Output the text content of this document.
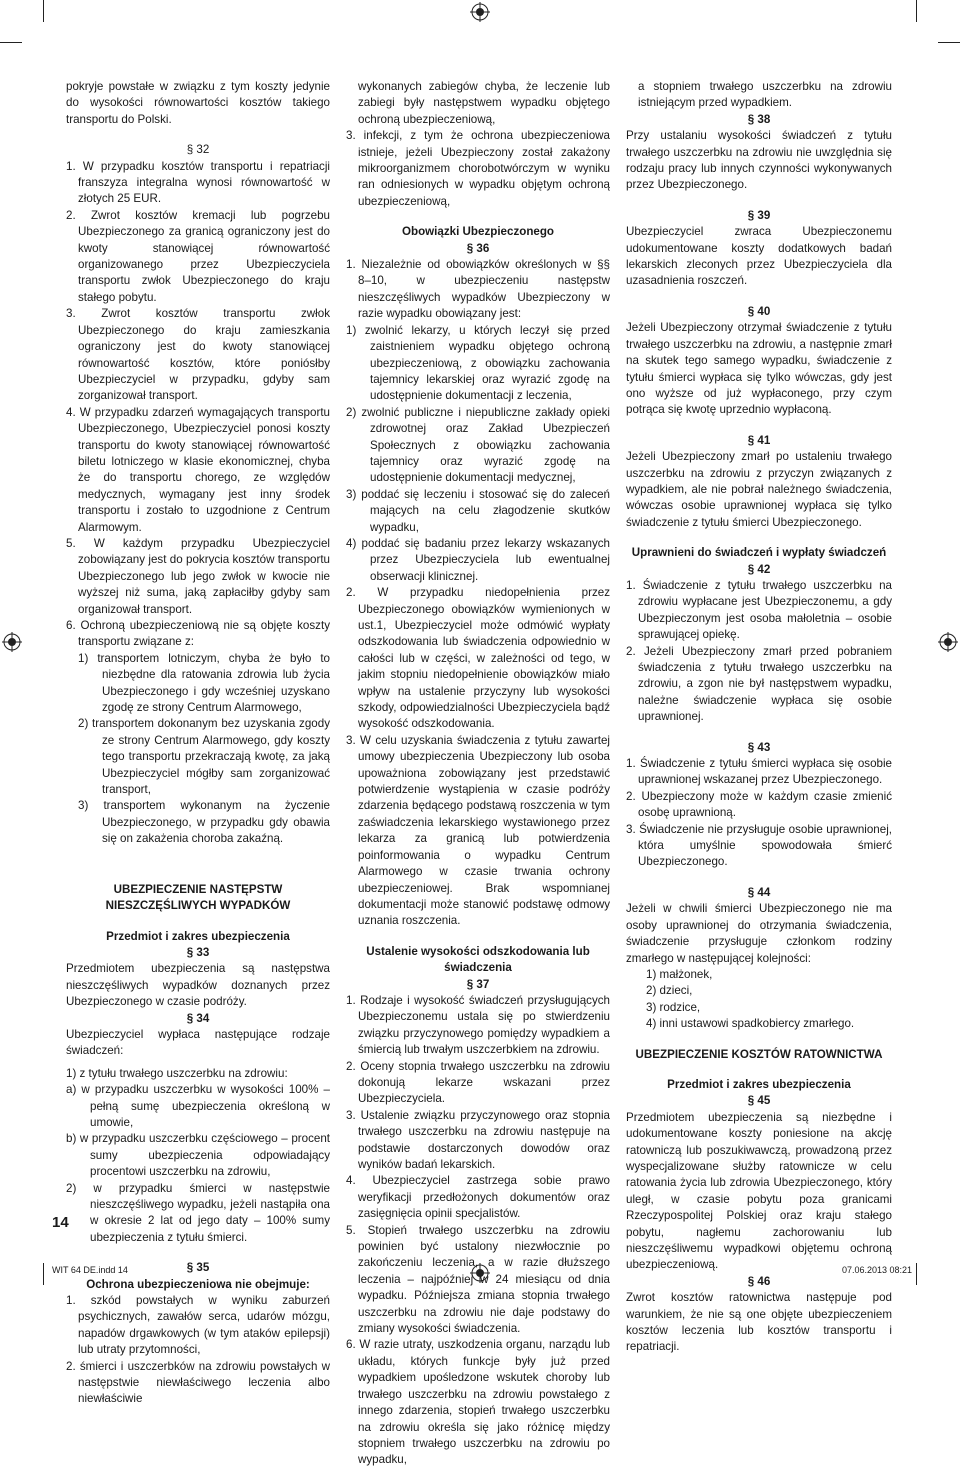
pokryje powstałe w związku z tym koszty jedynie do wysokości równowartości kosztów takiego transportu do Polski.

§ 32

1. W przypadku kosztów transportu i repatriacji franszyza integralna wynosi równowartość w złotych 25 EUR.

2. Zwrot kosztów kremacji lub pogrzebu Ubezpieczonego za granicą ograniczony jest do kwoty stanowiącej równowartość organizowanego przez Ubezpieczyciela transportu zwłok Ubezpieczonego do kraju stałego pobytu.

3. Zwrot kosztów transportu zwłok Ubezpieczonego do kraju zamieszkania ograniczony jest do kwoty stanowiącej równowartość kosztów, które poniósłby Ubezpieczyciel w przypadku, gdyby sam zorganizował transport.

4. W przypadku zdarzeń wymagających transportu Ubezpieczonego, Ubezpieczyciel ponosi koszty transportu do kwoty stanowiącej równowartość biletu lotniczego w klasie ekonomicznej, chyba że do transportu chorego, ze względów medycznych, wymagany jest inny środek transportu i zostało to uzgodnione z Centrum Alarmowym.

5. W każdym przypadku Ubezpieczyciel zobowiązany jest do pokrycia kosztów transportu Ubezpieczonego lub jego zwłok w kwocie nie wyższej niż suma, jaką zapłaciłby gdyby sam organizował transport.

6. Ochroną ubezpieczeniową nie są objęte koszty transportu związane z:

1) transportem lotniczym, chyba że było to niezbędne dla ratowania zdrowia lub życia Ubezpieczonego i gdy wcześniej uzyskano zgodę ze strony Centrum Alarmowego,

2) transportem dokonanym bez uzyskania zgody ze strony Centrum Alarmowego, gdy koszty tego transportu przekraczają kwotę, za jaką Ubezpieczyciel mógłby sam zorganizować transport,

3) transportem wykonanym na życzenie Ubezpieczonego, w przypadku gdy obawia się on zakażenia choroba zakaźną.

UBEZPIECZENIE NASTĘPSTW

NIESZCZĘŚLIWYCH WYPADKÓW

Przedmiot i zakres ubezpieczenia

§ 33

Przedmiotem ubezpieczenia są następstwa nieszczęśliwych wypadków doznanych przez Ubezpieczonego w czasie podróży.

§ 34

Ubezpieczyciel wypłaca następujące rodzaje świadczeń:

1) z tytułu trwałego uszczerbku na zdrowiu:

a) w przypadku uszczerbku w wysokości 100% – pełną sumę ubezpieczenia określoną w umowie,

b) w przypadku uszczerbku częściowego – procent sumy ubezpieczenia odpowiadający procentowi uszczerbku na zdrowiu,

2) w przypadku śmierci w następstwie nieszczęśliwego wypadku, jeżeli nastąpiła ona w okresie 2 lat od jego daty – 100% sumy ubezpieczenia z tytułu śmierci.

§ 35

Ochrona ubezpieczeniowa nie obejmuje:

1. szkód powstałych w wyniku zaburzeń psychicznych, zawałów serca, udarów mózgu, napadów drgawkowych (w tym ataków epilepsji) lub utraty przytomności,

2. śmierci i uszczerbków na zdrowiu powstałych w następstwie niewłaściwego leczenia albo niewłaściwie

wykonanych zabiegów chyba, że leczenie lub zabiegi były następstwem wypadku objętego ochroną ubezpieczeniową,

3. infekcji, z tym że ochrona ubezpieczeniowa istnieje, jeżeli Ubezpieczony został zakażony mikroorganizmem chorobotwórczym w wyniku ran odniesionych w wypadku objętym ochroną ubezpieczeniową,

Obowiązki Ubezpieczonego

§ 36

1. Niezależnie od obowiązków określonych w §§ 8–10, w ubezpieczeniu następstw nieszczęśliwych wypadków Ubezpieczony w razie wypadku obowiązany jest:

1) zwolnić lekarzy, u których leczył się przed zaistnieniem wypadku objętego ochroną ubezpieczeniową, z obowiązku zachowania tajemnicy lekarskiej oraz wyrazić zgodę na udostępnienie dokumentacji z leczenia,

2) zwolnić publiczne i niepubliczne zakłady opieki zdrowotnej oraz Zakład Ubezpieczeń Społecznych z obowiązku zachowania tajemnicy oraz wyrazić zgodę na udostępnienie dokumentacji medycznej,

3) poddać się leczeniu i stosować się do zaleceń mających na celu złagodzenie skutków wypadku,

4) poddać się badaniu przez lekarzy wskazanych przez Ubezpieczyciela lub ewentualnej obserwacji klinicznej.

2. W przypadku niedopełnienia przez Ubezpieczonego obowiązków wymienionych w ust.1, Ubezpieczyciel może odmówić wypłaty odszkodowania lub świadczenia odpowiednio w całości lub w części, w zależności od tego, w jakim stopniu niedopełnienie obowiązków miało wpływ na ustalenie przyczyny lub wysokości szkody, odpowiedzialności Ubezpieczyciela bądź wysokość odszkodowania.

3. W celu uzyskania świadczenia z tytułu zawartej umowy ubezpieczenia Ubezpieczony lub osoba upoważniona zobowiązany jest przedstawić potwierdzenie wystąpienia w czasie podróży zdarzenia będącego podstawą roszczenia w tym zaświadczenia lekarskiego wystawionego przez lekarza za granicą lub potwierdzenia poinformowania o wypadku Centrum Alarmowego w czasie trwania ochrony ubezpieczeniowej. Brak wspomnianej dokumentacji może stanowić podstawę odmowy uznania roszczenia.

Ustalenie wysokości odszkodowania lub świadczenia

§ 37

1. Rodzaje i wysokość świadczeń przysługujących Ubezpieczonemu ustala się po stwierdzeniu związku przyczynowego pomiędzy wypadkiem a śmiercią lub trwałym uszczerbkiem na zdrowiu.

2. Oceny stopnia trwałego uszczerbku na zdrowiu dokonują lekarze wskazani przez Ubezpieczyciela.

3. Ustalenie związku przyczynowego oraz stopnia trwałego uszczerbku na zdrowiu następuje na podstawie dostarczonych dowodów oraz wyników badań lekarskich.

4. Ubezpieczyciel zastrzega sobie prawo weryfikacji przedłożonych dokumentów oraz zasięgnięcia opinii specjalistów.

5. Stopień trwałego uszczerbku na zdrowiu powinien być ustalony niezwłocznie po zakończeniu leczenia, a w razie dłuższego leczenia – najpóźniej w 24 miesiącu od dnia wypadku. Późniejsza zmiana stopnia trwałego uszczerbku na zdrowiu nie daje podstawy do zmiany wysokości świadczenia.

6. W razie utraty, uszkodzenia organu, narządu lub układu, których funkcje były już przed wypadkiem upośledzone wskutek choroby lub trwałego uszczerbku na zdrowiu powstałego z innego zdarzenia, stopień trwałego uszczerbku na zdrowiu określa się jako różnicę między stopniem trwałego uszczerbku na zdrowiu po wypadku,

a stopniem trwałego uszczerbku na zdrowiu istniejącym przed wypadkiem.

§ 38

Przy ustalaniu wysokości świadczeń z tytułu trwałego uszczerbku na zdrowiu nie uwzględnia się rodzaju pracy lub innych czynności wykonywanych przez Ubezpieczonego.

§ 39

Ubezpieczyciel zwraca Ubezpieczonemu udokumentowane koszty dodatkowych badań lekarskich zleconych przez Ubezpieczyciela dla uzasadnienia roszczeń.

§ 40

Jeżeli Ubezpieczony otrzymał świadczenie z tytułu trwałego uszczerbku na zdrowiu, a następnie zmarł na skutek tego samego wypadku, świadczenie z tytułu śmierci wypłaca się tylko wówczas, gdy jest ono wyższe od już wypłaconego, przy czym potrąca się kwotę uprzednio wypłaconą.

§ 41

Jeżeli Ubezpieczony zmarł po ustaleniu trwałego uszczerbku na zdrowiu z przyczyn związanych z wypadkiem, ale nie pobrał należnego świadczenia, wówczas osobie uprawnionej wypłaca się tylko świadczenie z tytułu śmierci Ubezpieczonego.

Uprawnieni do świadczeń i wypłaty świadczeń

§ 42

1. Świadczenie z tytułu trwałego uszczerbku na zdrowiu wypłacane jest Ubezpieczonemu, a gdy Ubezpieczonym jest osoba małoletnia – osobie sprawującej opiekę.

2. Jeżeli Ubezpieczony zmarł przed pobraniem świadczenia z tytułu trwałego uszczerbku na zdrowiu, a zgon nie był następstwem wypadku, należne świadczenie wypłaca się osobie uprawnionej.

§ 43

1. Świadczenie z tytułu śmierci wypłaca się osobie uprawnionej wskazanej przez Ubezpieczonego.

2. Ubezpieczony może w każdym czasie zmienić osobę uprawnioną.

3. Świadczenie nie przysługuje osobie uprawnionej, która umyślnie spowodowała śmierć Ubezpieczonego.

§ 44

Jeżeli w chwili śmierci Ubezpieczonego nie ma osoby uprawnionej do otrzymania świadczenia, świadczenie przysługuje członkom rodziny zmarłego w następującej kolejności:

1) małżonek,

2) dzieci,

3) rodzice,

4) inni ustawowi spadkobiercy zmarłego.

UBEZPIECZENIE KOSZTÓW RATOWNICTWA

Przedmiot i zakres ubezpieczenia

§ 45

Przedmiotem ubezpieczenia są niezbędne i udokumentowane koszty poniesione na akcję ratowniczą lub poszukiwawczą, prowadzoną przez wyspecjalizowane służby ratownicze w celu ratowania życia lub zdrowia Ubezpieczonego, który uległ, w czasie pobytu poza granicami Rzeczypospolitej Polskiej oraz kraju stałego pobytu, nagłemu zachorowaniu lub nieszczęśliwemu wypadkowi objętemu ochroną ubezpieczeniową.

§ 46

Zwrot kosztów ratownictwa następuje pod warunkiem, że nie są one objęte ubezpieczeniem kosztów leczenia lub kosztów transportu i repatriacji.

14
WIT 64 DE.indd 14	07.06.2013 08:21
